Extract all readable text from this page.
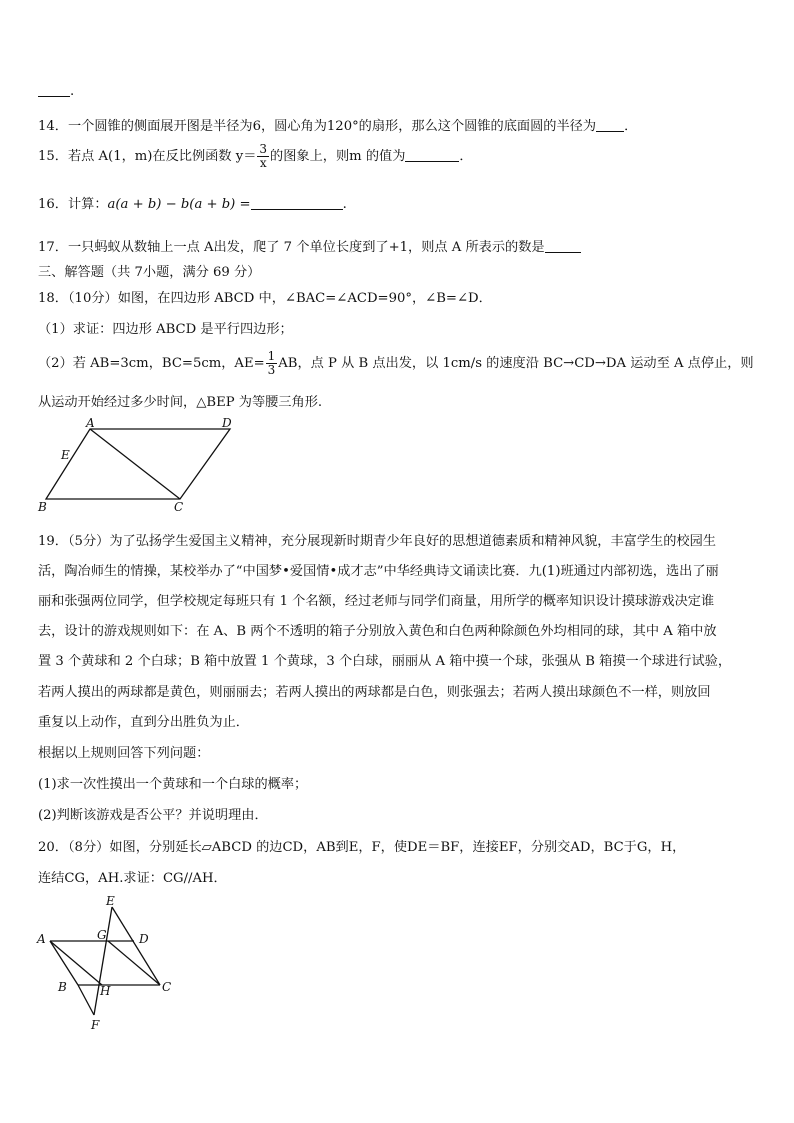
.
14．一个圆锥的侧面展开图是半径为6，圆心角为120°的扇形，那么这个圆锥的底面圆的半径为 ．
15．若点 A(1，m)在反比例函数 $y= \frac{3}{x}$ 的图象上，则m 的值为	．
16．计算：a(a + b) − b(a + b) =	.
17．一只蚂蚁从数轴上一点 A出发，爬了 7 个单位长度到了+1，则点 A 所表示的数是
三、解答题（共 7小题，满分 69 分）
18．（10分）如图，在四边形 ABCD 中，∠BAC=∠ACD=90°，∠B=∠D．
（1）求证：四边形 ABCD 是平行四边形；
（2）若 AB=3cm，BC=5cm，$AE= \frac{1}{3}$ AB，点 P 从 B 点出发，以 1cm/s 的速度沿 BC→CD→DA 运动至 A 点停止，则
从运动开始经过多少时间，△BEP 为等腰三角形.
A	D
E
B	C
19．（5分）为了弘扬学生爱国主义精神，充分展现新时期青少年良好的思想道德素质和精神风貌，丰富学生的校园生
活，陶冶师生的情操，某校举办了“中国梦•爱国情•成才志”中华经典诗文诵读比赛．九(1)班通过内部初选，选出了丽
丽和张强两位同学，但学校规定每班只有 1 个名额，经过老师与同学们商量，用所学的概率知识设计摸球游戏决定谁
去，设计的游戏规则如下：在 A、B 两个不透明的箱子分别放入黄色和白色两种除颜色外均相同的球，其中 A 箱中放
置 3 个黄球和 2 个白球；B 箱中放置 1 个黄球，3 个白球，丽丽从 A 箱中摸一个球，张强从 B 箱摸一个球进行试验，
若两人摸出的两球都是黄色，则丽丽去；若两人摸出的两球都是白色，则张强去；若两人摸出球颜色不一样，则放回
重复以上动作，直到分出胜负为止．
根据以上规则回答下列问题：
(1)求一次性摸出一个黄球和一个白球的概率；
(2)判断该游戏是否公平？并说明理由．
20．（8分）如图，分别延长▱ABCD 的边CD，AB到E，F，使DE＝BF，连接EF，分别交AD，BC于G，H，
连结CG，AH.求证：CG//AH．
E
A	G	D
B	H	C
F
